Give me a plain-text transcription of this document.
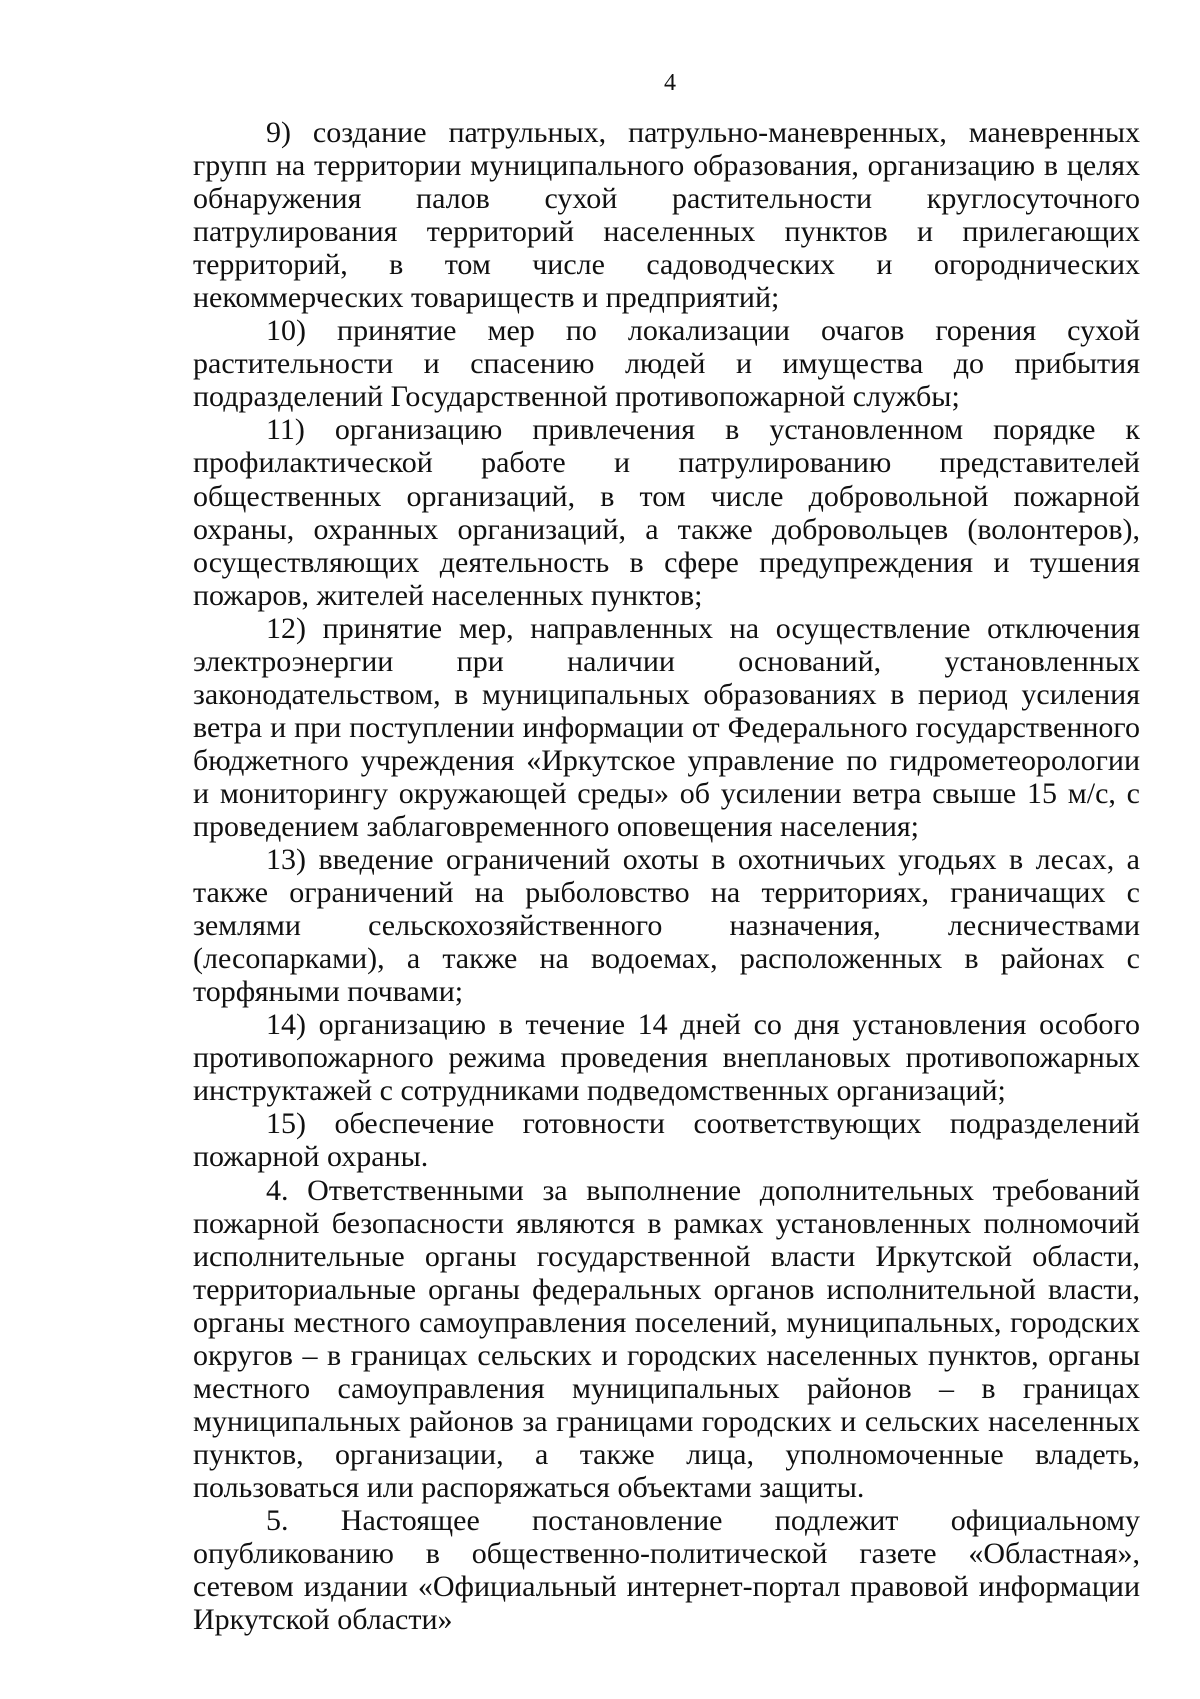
4

9) создание патрульных, патрульно-маневренных, маневренных групп на территории муниципального образования, организацию в целях обнаружения палов сухой растительности круглосуточного патрулирования территорий населенных пунктов и прилегающих территорий, в том числе садоводческих и огороднических некоммерческих товариществ и предприятий;

10) принятие мер по локализации очагов горения сухой растительности и спасению людей и имущества до прибытия подразделений Государственной противопожарной службы;

11) организацию привлечения в установленном порядке к профилактической работе и патрулированию представителей общественных организаций, в том числе добровольной пожарной охраны, охранных организаций, а также добровольцев (волонтеров), осуществляющих деятельность в сфере предупреждения и тушения пожаров, жителей населенных пунктов;

12) принятие мер, направленных на осуществление отключения электроэнергии при наличии оснований, установленных законодательством, в муниципальных образованиях в период усиления ветра и при поступлении информации от Федерального государственного бюджетного учреждения «Иркутское управление по гидрометеорологии и мониторингу окружающей среды» об усилении ветра свыше 15 м/с, с проведением заблаговременного оповещения населения;

13) введение ограничений охоты в охотничьих угодьях в лесах, а также ограничений на рыболовство на территориях, граничащих с землями сельскохозяйственного назначения, лесничествами (лесопарками), а также на водоемах, расположенных в районах с торфяными почвами;

14) организацию в течение 14 дней со дня установления особого противопожарного режима проведения внеплановых противопожарных инструктажей с сотрудниками подведомственных организаций;

15) обеспечение готовности соответствующих подразделений пожарной охраны.

4. Ответственными за выполнение дополнительных требований пожарной безопасности являются в рамках установленных полномочий исполнительные органы государственной власти Иркутской области, территориальные органы федеральных органов исполнительной власти, органы местного самоуправления поселений, муниципальных, городских округов – в границах сельских и городских населенных пунктов, органы местного самоуправления муниципальных районов – в границах муниципальных районов за границами городских и сельских населенных пунктов, организации, а также лица, уполномоченные владеть, пользоваться или распоряжаться объектами защиты.

5. Настоящее постановление подлежит официальному опубликованию в общественно-политической газете «Областная», сетевом издании «Официальный интернет-портал правовой информации Иркутской области»
